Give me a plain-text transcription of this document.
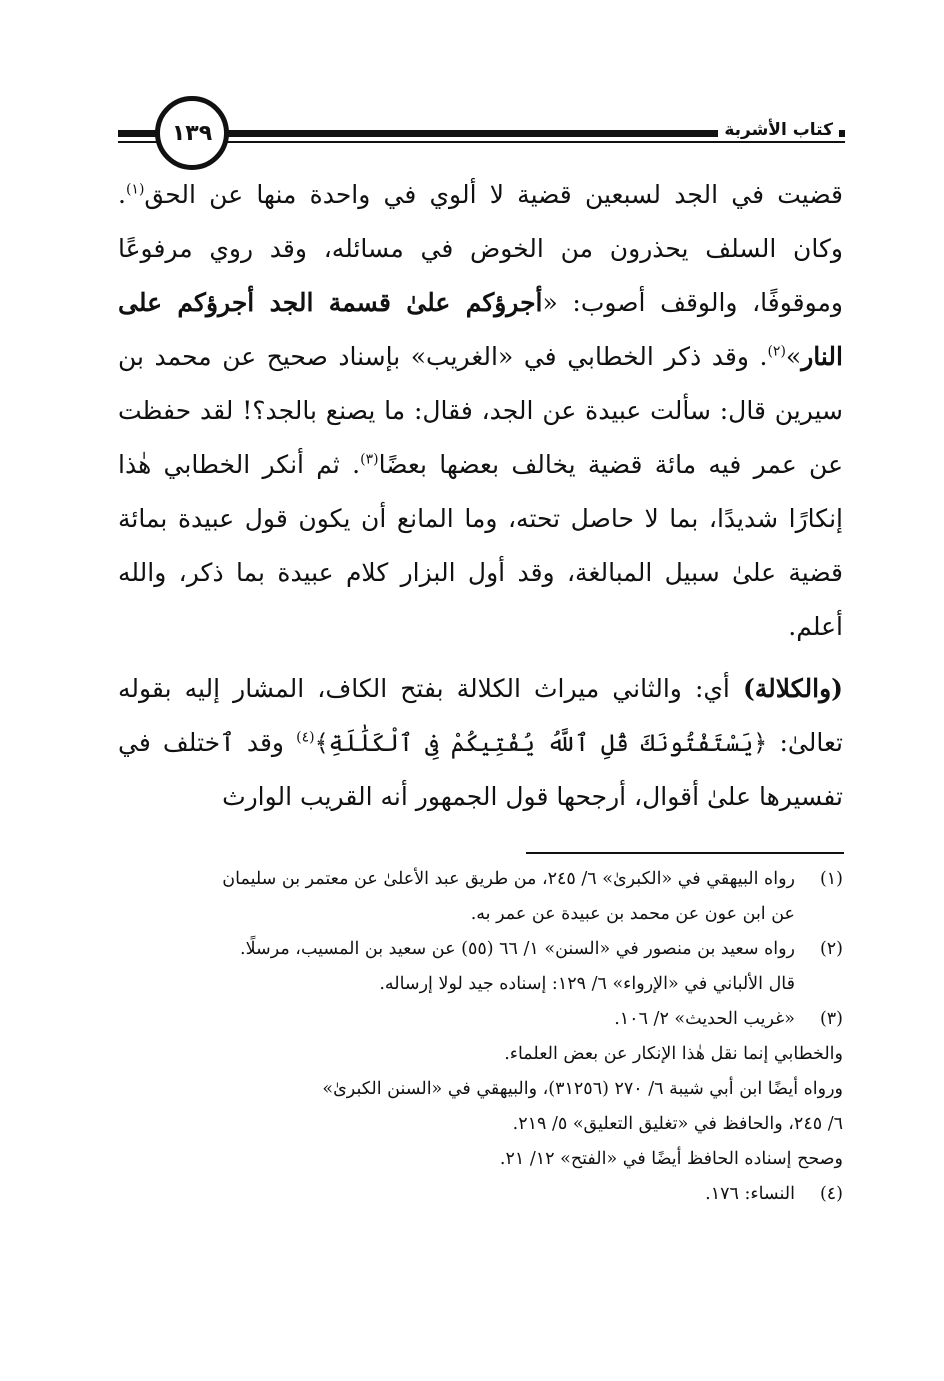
١٣٩	كتاب الأشربة

قضيت في الجد لسبعين قضية لا ألوي في واحدة منها عن الحق$^{(١)}$. وكان السلف يحذرون من الخوض في مسائله، وقد روي مرفوعًا وموقوفًا، والوقف أصوب: «أجرؤكم علىٰ قسمة الجد أجرؤكم على النار»$^{(٢)}$. وقد ذكر الخطابي في «الغريب» بإسناد صحيح عن محمد بن سيرين قال: سألت عبيدة عن الجد، فقال: ما يصنع بالجد؟! لقد حفظت عن عمر فيه مائة قضية يخالف بعضها بعضًا$^{(٣)}$. ثم أنكر الخطابي هٰذا إنكارًا شديدًا، بما لا حاصل تحته، وما المانع أن يكون قول عبيدة بمائة قضية علىٰ سبيل المبالغة، وقد أول البزار كلام عبيدة بما ذكر، والله أعلم.

(والكلالة) أي: والثاني ميراث الكلالة بفتح الكاف، المشار إليه بقوله تعالىٰ: ﴿يَسْتَفْتُونَكَ قُلِ ٱللَّهُ يُفْتِيكُمْ فِى ٱلْكَلَٰلَةِ﴾$^{(٤)}$ وقد ٱختلف في تفسيرها علىٰ أقوال، أرجحها قول الجمهور أنه القريب الوارث

(١)
رواه البيهقي في «الكبرىٰ» ٦/ ٢٤٥، من طريق عبد الأعلىٰ عن معتمر بن سليمان
عن ابن عون عن محمد بن عبيدة عن عمر به.
(٢)
رواه سعيد بن منصور في «السنن» ١/ ٦٦ (٥٥) عن سعيد بن المسيب، مرسلًا.
قال الألباني في «الإرواء» ٦/ ١٢٩: إسناده جيد لولا إرساله.
(٣)
«غريب الحديث» ٢/ ١٠٦.
والخطابي إنما نقل هٰذا الإنكار عن بعض العلماء.
ورواه أيضًا ابن أبي شيبة ٦/ ٢٧٠ (٣١٢٥٦)، والبيهقي في «السنن الكبرىٰ»
٦/ ٢٤٥، والحافظ في «تغليق التعليق» ٥/ ٢١٩.
وصحح إسناده الحافظ أيضًا في «الفتح» ١٢/ ٢١.
(٤)
النساء: ١٧٦.
